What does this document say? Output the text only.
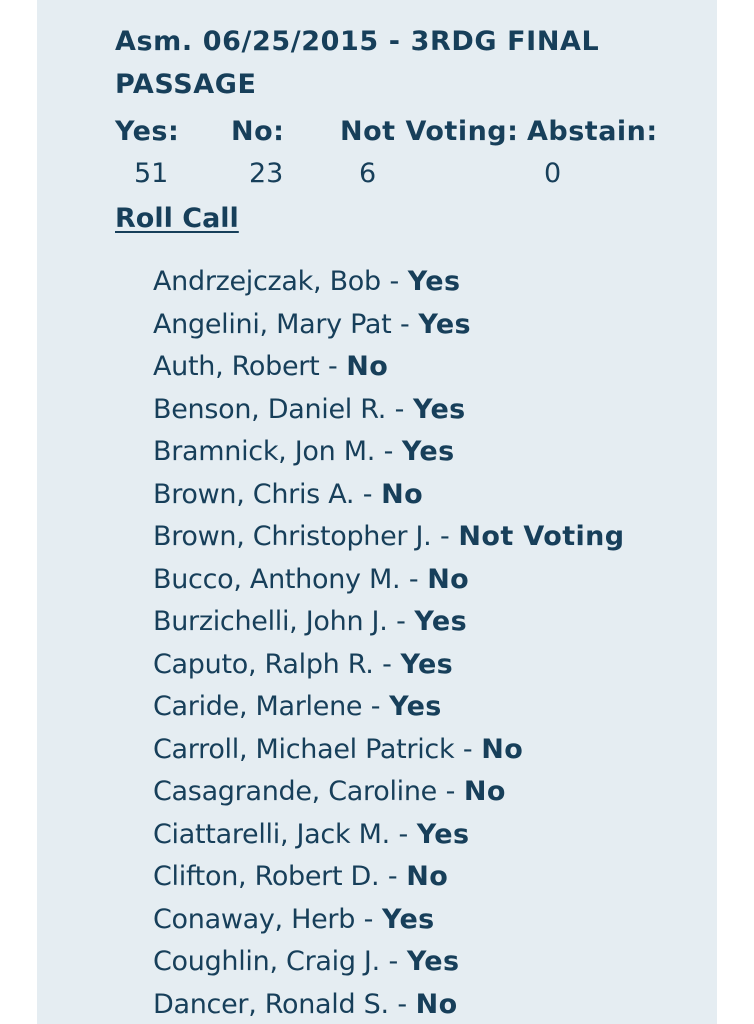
Asm. 06/25/2015 - 3RDG FINAL PASSAGE
Yes: No: Not Voting: Abstain:
51	23	6	0
Roll Call
Andrzejczak, Bob - Yes
Angelini, Mary Pat - Yes
Auth, Robert - No
Benson, Daniel R. - Yes
Bramnick, Jon M. - Yes
Brown, Chris A. - No
Brown, Christopher J. - Not Voting
Bucco, Anthony M. - No
Burzichelli, John J. - Yes
Caputo, Ralph R. - Yes
Caride, Marlene - Yes
Carroll, Michael Patrick - No
Casagrande, Caroline - No
Ciattarelli, Jack M. - Yes
Clifton, Robert D. - No
Conaway, Herb - Yes
Coughlin, Craig J. - Yes
Dancer, Ronald S. - No
